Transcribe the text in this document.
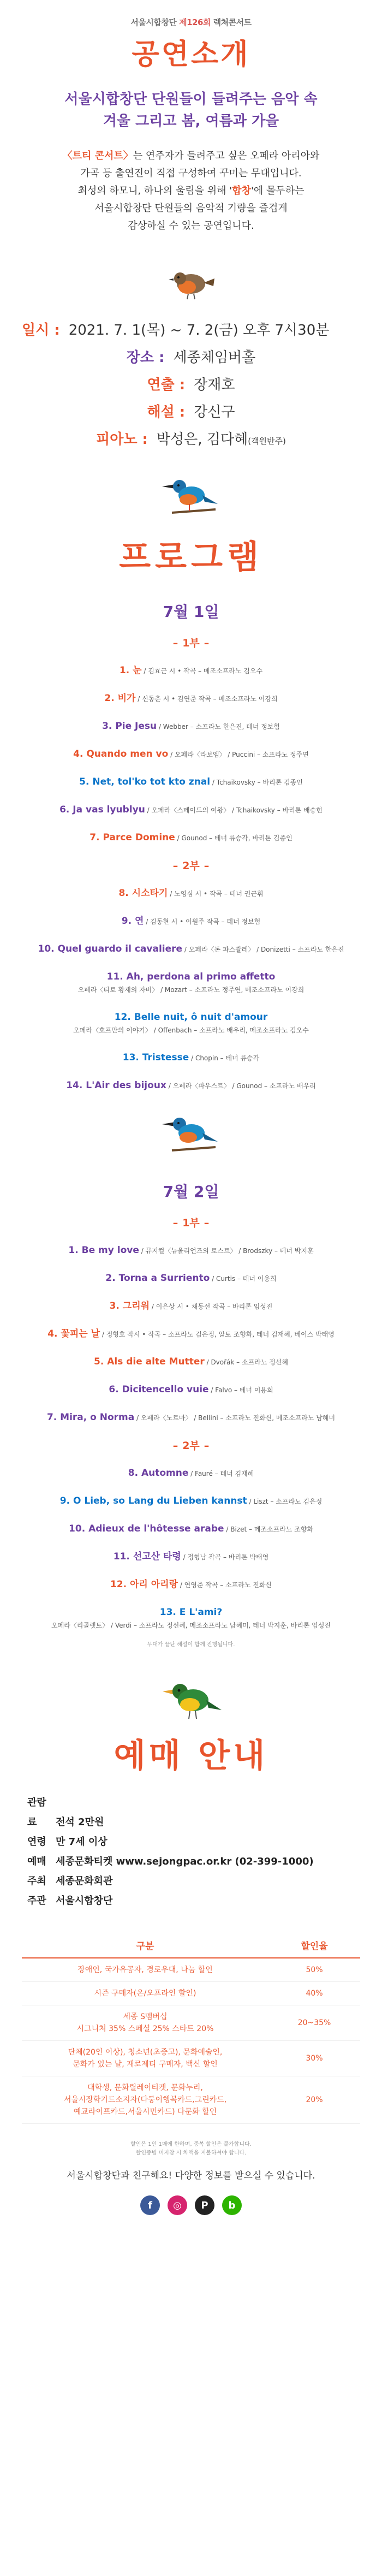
서울시합창단 제126회 렉쳐콘서트
공연소개
서울시합창단 단원들이 들려주는 음악 속
겨울 그리고 봄, 여름과 가을
〈트티 콘서트〉는 연주자가 들려주고 싶은 오페라 아리아와
가곡 등 출연진이 직접 구성하여 꾸미는 무대입니다.
최성의 하모니, 하나의 울림을 위해 '합창'에 몰두하는
서울시합창단 단원들의 음악적 기량을 즐겁게
감상하실 수 있는 공연입니다.
일시 : 2021. 7. 1(목) ~ 7. 2(금) 오후 7시30분
장소 : 세종체임버홀
연출 : 장재호
해설 : 강신구
피아노 : 박성은, 김다혜(객원반주)
프로그램
7월 1일
– 1부 –
1. 눈 / 김효근 시 • 작곡 – 메조소프라노 김오수
2. 비가 / 신동춘 시 • 김연준 작곡 – 메조소프라노 이강희
3. Pie Jesu / Webber – 소프라노 한은진, 테너 정보험
4. Quando men vo / 오페라〈라보엠〉 / Puccini – 소프라노 정주연
5. Net, tol'ko tot kto znal / Tchaikovsky – 바리톤 김종인
6. Ja vas lyublyu / 오페라〈스페이드의 여왕〉 / Tchaikovsky – 바리톤 배승현
7. Parce Domine / Gounod – 테너 류승각, 바리톤 김종인
– 2부 –
8. 시소타기 / 노영심 시 • 작곡 – 테너 권근휘
9. 연 / 김동현 시 • 이원주 작곡 – 테너 정보험
10. Quel guardo il cavaliere / 오페라〈돈 파스콸레〉 / Donizetti – 소프라노 한은진
11. Ah, perdona al primo affetto
오페라〈티토 황제의 자비〉 / Mozart – 소프라노 정주연, 메조소프라노 이강희
12. Belle nuit, ô nuit d'amour
오페라〈호프만의 이야기〉 / Offenbach – 소프라노 배우리, 메조소프라노 김오수
13. Tristesse / Chopin – 테너 류승각
14. L'Air des bijoux / 오페라〈파우스트〉 / Gounod – 소프라노 배우리
7월 2일
– 1부 –
1. Be my love / 뮤지컬〈뉴올리언즈의 토스트〉 / Brodszky – 테너 박지훈
2. Torna a Surriento / Curtis – 테너 이용희
3. 그리워 / 이은상 시 • 채동선 작곡 – 바리톤 임성진
4. 꽃피는 날 / 정형호 작시 • 작곡 – 소프라노 김은정, 알토 조향화, 테너 김재혜, 베이스 박태영
5. Als die alte Mutter / Dvořák – 소프라노 정선혜
6. Dicitencello vuie / Falvo – 테너 이용희
7. Mira, o Norma / 오페라〈노르마〉 / Bellini – 소프라노 진화신, 메조소프라노 남혜미
– 2부 –
8. Automne / Fauré – 테너 김재혜
9. O Lieb, so Lang du Lieben kannst / Liszt – 소프라노 김은정
10. Adieux de l'hôtesse arabe / Bizet – 메조소프라노 조향화
11. 선고산 타령 / 정형남 작곡 – 바리톤 박태영
12. 아리 아리랑 / 연영준 작곡 – 소프라노 진화신
13. E L'ami?
오페라〈리골렛토〉 / Verdi – 소프라노 정선혜, 메조소프라노 남혜미, 테너 박지훈, 바리톤 임성진
무대가 끝난 해설이 함께 진행됩니다.
예매 안내
관람료 전석 2만원
연령 만 7세 이상
예매 세종문화티켓 www.sejongpac.or.kr (02-399-1000)
주최 세종문화회관
주관 서울시합창단
구분	할인율
장애인, 국가유공자, 경로우대, 나눔 할인	50%
시즌 구매자(온/오프라인 할인)	40%
세종 S멤버십
시그니처 35% 스페셜 25% 스타트 20%	20~35%
단체(20인 이상), 청소년(초중고), 문화예술인,
문화가 있는 날, 재로제티 구매자, 백신 할인	30%
대학생, 문화릴레이티켓, 문화누리,
서울시장학기드소지자(다둥이행복카드,그린카드,
예교라이프카드,서울시민카드) 다문화 할인	20%
할인은 1인 1매에 한하며, 중복 할인은 불가합니다.
할인증빙 미지참 시 차액을 지불하셔야 합니다.
서울시합창단과 친구해요! 다양한 정보를 받으실 수 있습니다.
f	◎	P	b
